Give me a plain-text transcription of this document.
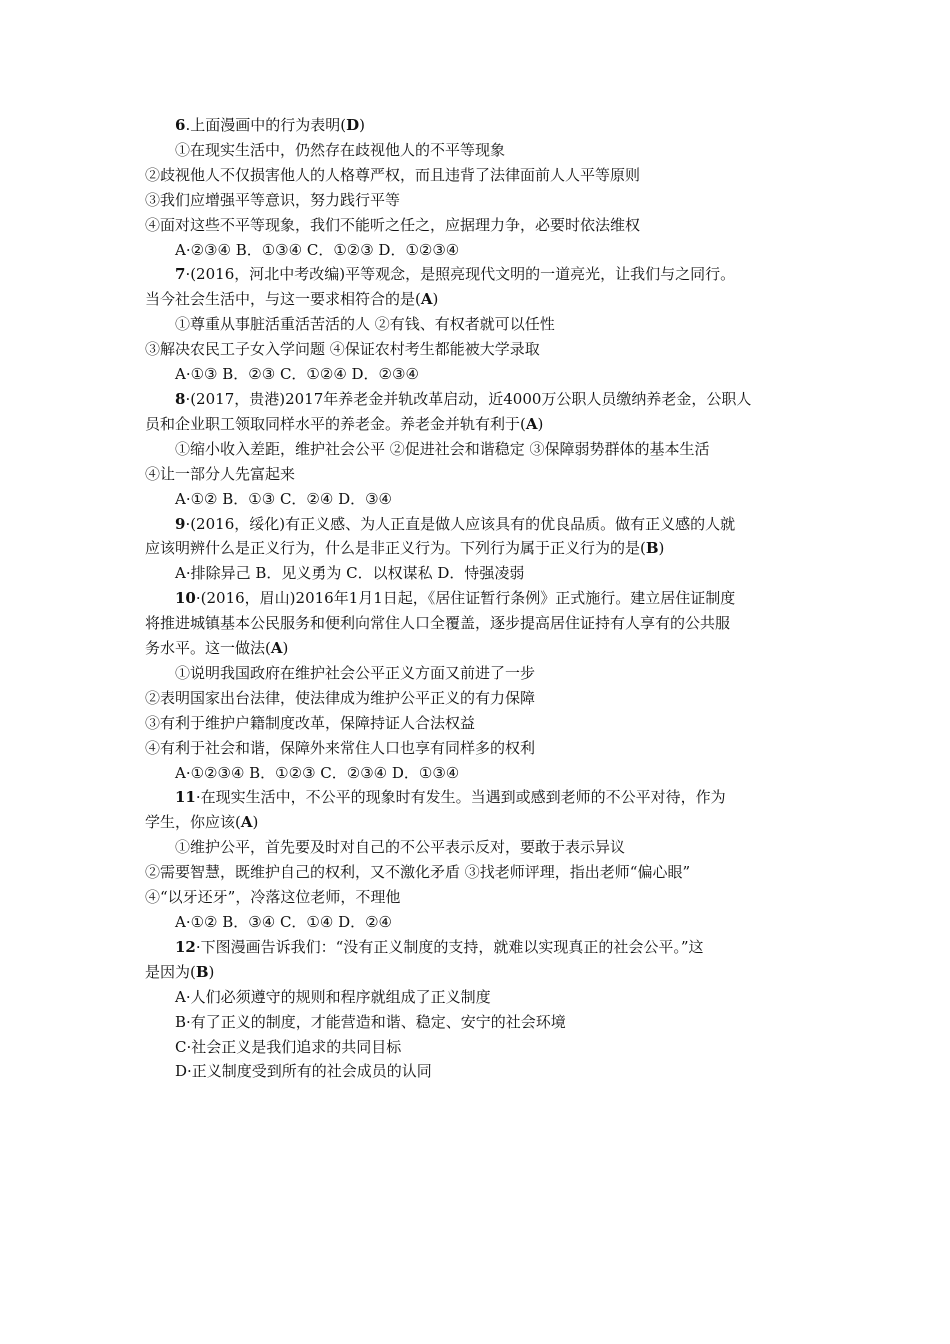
6.上面漫画中的行为表明(D)
①在现实生活中，仍然存在歧视他人的不平等现象
②歧视他人不仅损害他人的人格尊严权，而且违背了法律面前人人平等原则
③我们应增强平等意识，努力践行平等
④面对这些不平等现象，我们不能听之任之，应据理力争，必要时依法维权
A·②③④ B．①③④ C．①②③ D．①②③④
7·(2016，河北中考改编)平等观念，是照亮现代文明的一道亮光，让我们与之同行。
当今社会生活中，与这一要求相符合的是(A)
①尊重从事脏活重活苦活的人 ②有钱、有权者就可以任性
③解决农民工子女入学问题 ④保证农村考生都能被大学录取
A·①③ B．②③ C．①②④ D．②③④
8·(2017，贵港)2017年养老金并轨改革启动，近4000万公职人员缴纳养老金，公职人
员和企业职工领取同样水平的养老金。养老金并轨有利于(A)
①缩小收入差距，维护社会公平 ②促进社会和谐稳定 ③保障弱势群体的基本生活
④让一部分人先富起来
A·①② B．①③ C．②④ D．③④
9·(2016，绥化)有正义感、为人正直是做人应该具有的优良品质。做有正义感的人就
应该明辨什么是正义行为，什么是非正义行为。下列行为属于正义行为的是(B)
A·排除异己 B．见义勇为 C．以权谋私 D．恃强凌弱
10·(2016，眉山)2016年1月1日起，《居住证暂行条例》正式施行。建立居住证制度
将推进城镇基本公民服务和便利向常住人口全覆盖，逐步提高居住证持有人享有的公共服
务水平。这一做法(A)
①说明我国政府在维护社会公平正义方面又前进了一步
②表明国家出台法律，使法律成为维护公平正义的有力保障
③有利于维护户籍制度改革，保障持证人合法权益
④有利于社会和谐，保障外来常住人口也享有同样多的权利
A·①②③④ B．①②③ C．②③④ D．①③④
11·在现实生活中，不公平的现象时有发生。当遇到或感到老师的不公平对待，作为
学生，你应该(A)
①维护公平，首先要及时对自己的不公平表示反对，要敢于表示异议
②需要智慧，既维护自己的权利，又不激化矛盾 ③找老师评理，指出老师“偏心眼”
④“以牙还牙”，冷落这位老师，不理他
A·①② B．③④ C．①④ D．②④
12·下图漫画告诉我们：“没有正义制度的支持，就难以实现真正的社会公平。”这
是因为(B)
A·人们必须遵守的规则和程序就组成了正义制度
B·有了正义的制度，才能营造和谐、稳定、安宁的社会环境
C·社会正义是我们追求的共同目标
D·正义制度受到所有的社会成员的认同
